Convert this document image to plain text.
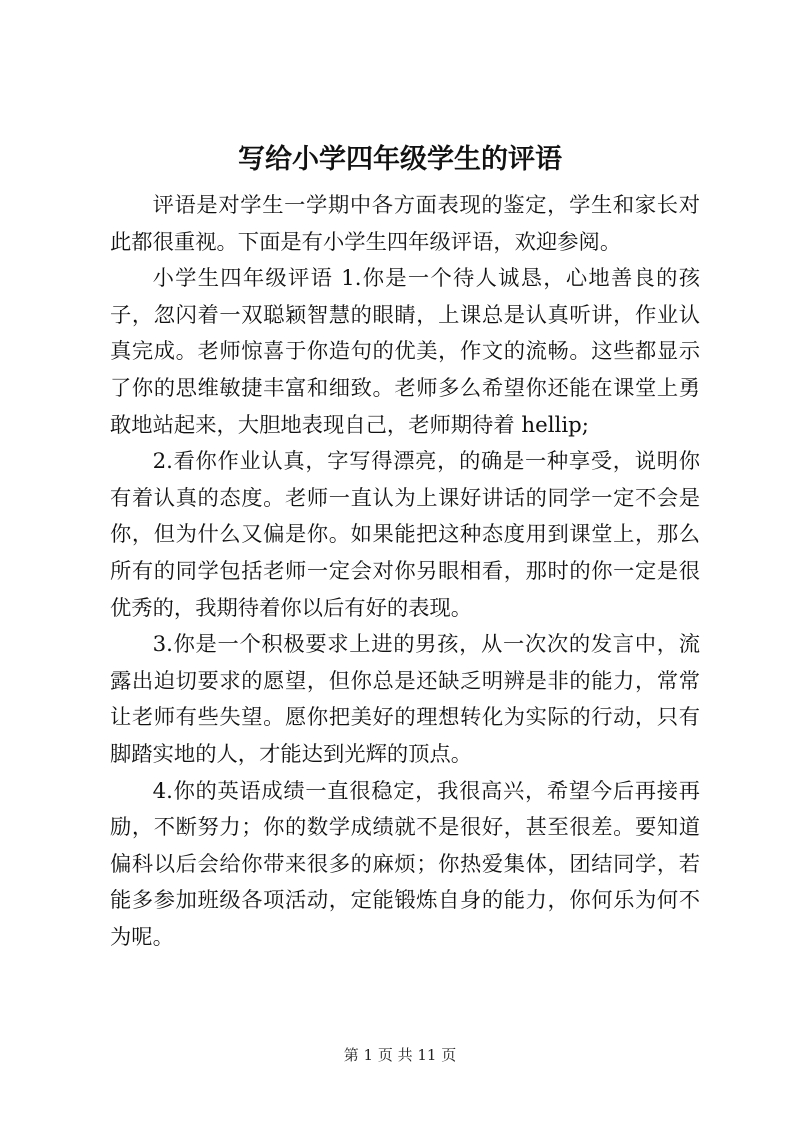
写给小学四年级学生的评语

评语是对学生一学期中各方面表现的鉴定，学生和家长对此都很重视。下面是有小学生四年级评语，欢迎参阅。

小学生四年级评语 1.你是一个待人诚恳，心地善良的孩子，忽闪着一双聪颖智慧的眼睛，上课总是认真听讲，作业认真完成。老师惊喜于你造句的优美，作文的流畅。这些都显示了你的思维敏捷丰富和细致。老师多么希望你还能在课堂上勇敢地站起来，大胆地表现自己，老师期待着 hellip;

2.看你作业认真，字写得漂亮，的确是一种享受，说明你有着认真的态度。老师一直认为上课好讲话的同学一定不会是你，但为什么又偏是你。如果能把这种态度用到课堂上，那么所有的同学包括老师一定会对你另眼相看，那时的你一定是很优秀的，我期待着你以后有好的表现。

3.你是一个积极要求上进的男孩，从一次次的发言中，流露出迫切要求的愿望，但你总是还缺乏明辨是非的能力，常常让老师有些失望。愿你把美好的理想转化为实际的行动，只有脚踏实地的人，才能达到光辉的顶点。

4.你的英语成绩一直很稳定，我很高兴，希望今后再接再励，不断努力；你的数学成绩就不是很好，甚至很差。要知道偏科以后会给你带来很多的麻烦；你热爱集体，团结同学，若能多参加班级各项活动，定能锻炼自身的能力，你何乐为何不为呢。

第 1 页 共 11 页
